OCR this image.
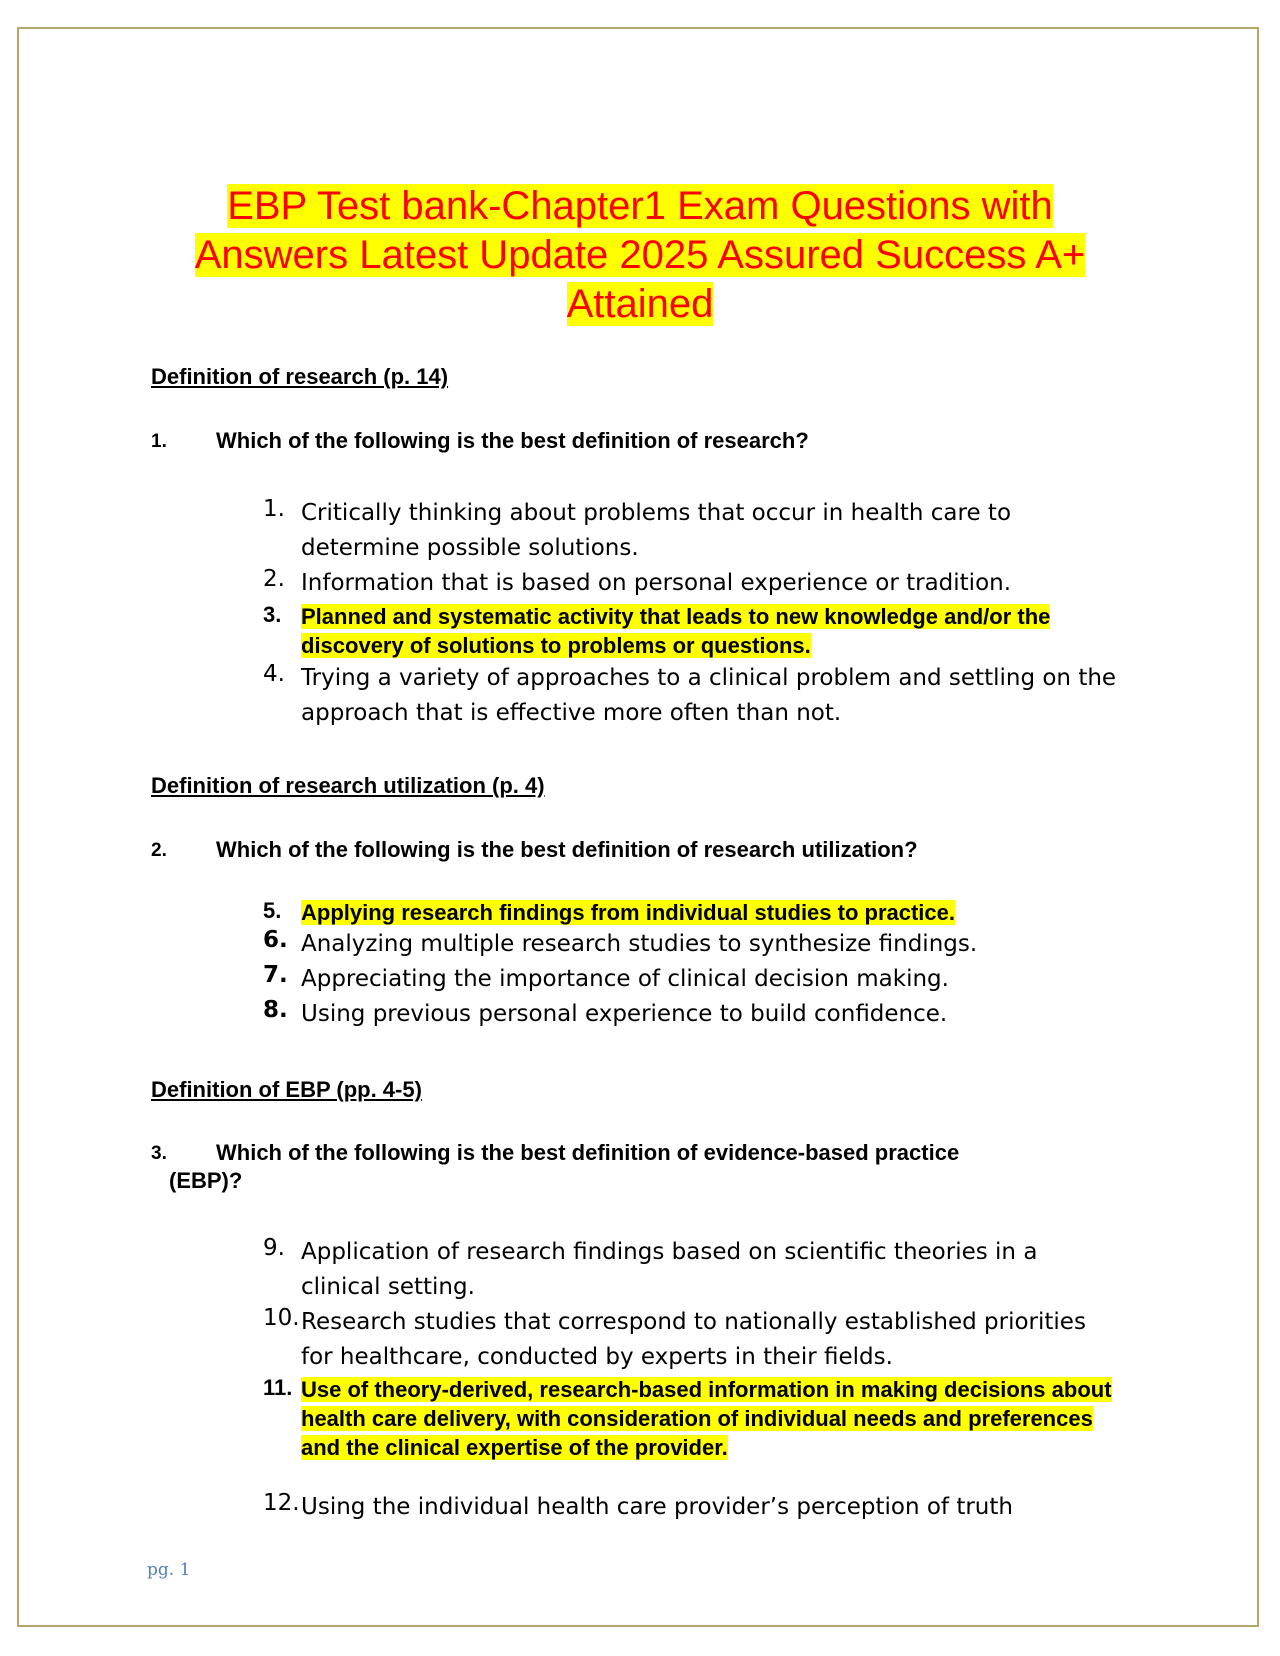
EBP Test bank-Chapter1 Exam Questions with
Answers Latest Update 2025 Assured Success A+
Attained
Definition of research (p. 14)
1. Which of the following is the best definition of research?
1. Critically thinking about problems that occur in health care to determine possible solutions.
2. Information that is based on personal experience or tradition.
3. Planned and systematic activity that leads to new knowledge and/or the discovery of solutions to problems or questions.
4. Trying a variety of approaches to a clinical problem and settling on the approach that is effective more often than not.
Definition of research utilization (p. 4)
2. Which of the following is the best definition of research utilization?
5. Applying research findings from individual studies to practice.
6. Analyzing multiple research studies to synthesize findings.
7. Appreciating the importance of clinical decision making.
8. Using previous personal experience to build confidence.
Definition of EBP (pp. 4-5)
3. Which of the following is the best definition of evidence-based practice
(EBP)?
9. Application of research findings based on scientific theories in a clinical setting.
10. Research studies that correspond to nationally established priorities for healthcare, conducted by experts in their fields.
11. Use of theory-derived, research-based information in making decisions about health care delivery, with consideration of individual needs and preferences and the clinical expertise of the provider.
12. Using the individual health care provider’s perception of truth
pg. 1
